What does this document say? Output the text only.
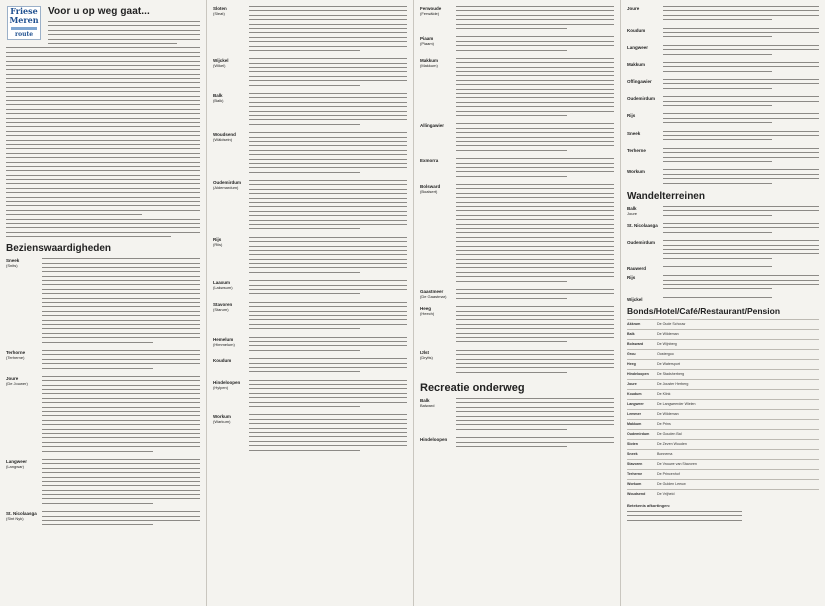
Friese
Meren
route
Voor u op weg gaat...
Bezienswaardigheden
Sneek
(Snits)
Terhorne
(Terherne)
Joure
(De Jouwer)
Langweer
(Langwar)
St. Nicolaasga
(Sint Nyk)
Sloten
(Sleat)
Wijckel
(Wikel)
Balk
(Balk)
Woudsend
(Wâldsein)
Oudemirdum
(Aldemardum)
Rijs
(Riis)
Laaxum
(Lakwsum)
Stavoren
(Starum)
Hemelum
(Himmelum)
Koudum
Hindeloopen
(Hylpen)
Workum
(Warkum)
Ferwoude
(Ferwâlde)
Piaam
(Piaam)
Makkum
(Makkum)
Allingawier
Exmorra
Bolsward
(Boalsert)
Gaastmeer
(De Gaastmar)
Heeg
(Heech)
IJlst
(Drylts)
Recreatie onderweg
Balk
Balward
Hindeloopen
Joure
Koudum
Langweer
Makkum
Offingawier
Oudemirdum
Rijs
Sneek
Terherne
Workum
Wandelterreinen
Balk
Joure
St. Nicolaasga
Oudemirdum
Rauwerd
Rijs
Wijckel
Bonds/Hotel/Café/Restaurant/Pension
Akkrum	De Oude Schouw
Balk	De Wildeman
Bolsward	De Wijnberg
Grou	Oostergoo
Heeg	De Watersport
Hindeloopen	De Stadsherberg
Joure	De Jouster Herberg
Koudum	De Klink
Langweer	De Langweerder Wielen
Lemmer	De Wildeman
Makkum	De Prins
Oudemirdum	De Gouden Bal
Sloten	De Zeven Wouden
Sneek	Bonnema
Stavoren	De Vrouwe van Stavoren
Terherne	De Princenhof
Workum	De Gulden Leeuw
Woudsend	De Vrijheid
Betekenis afkortingen:
